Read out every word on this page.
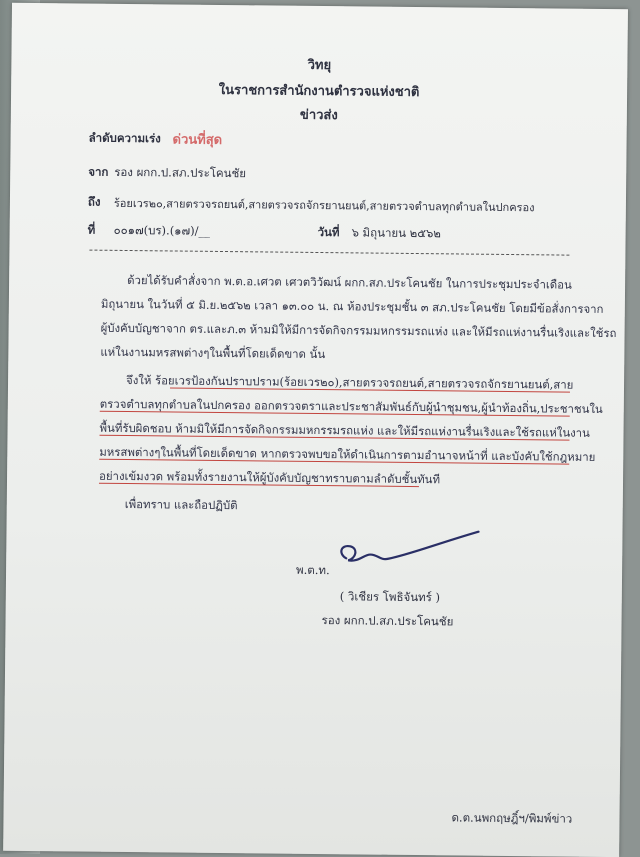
วิทยุ
ในราชการสำนักงานตำรวจแห่งชาติ
ข่าวส่ง
ลำดับความเร่ง ด่วนที่สุด
จาก รอง ผกก.ป.สภ.ประโคนชัย
ถึง ร้อยเวร๒๐,สายตรวจรถยนต์,สายตรวจรถจักรยานยนต์,สายตรวจตำบลทุกตำบลในปกครอง
ที่ ๐๐๑๗(บร).(๑๗)/__	วันที่ ๖ มิถุนายน ๒๕๖๒
ด้วยได้รับคำสั่งจาก พ.ต.อ.เศวต เศวตวิวัฒน์ ผกก.สภ.ประโคนชัย ในการประชุมประจำเดือน
มิถุนายน ในวันที่ ๕ มิ.ย.๒๕๖๒ เวลา ๑๓.๐๐ น. ณ ห้องประชุมชั้น ๓ สภ.ประโคนชัย โดยมีข้อสั่งการจาก
ผู้บังคับบัญชาจาก ตร.และภ.๓ ห้ามมิให้มีการจัดกิจกรรมมหกรรมรถแห่ง และให้มีรถแห่งานรื่นเริงและใช้รถ
แห่ในงานมหรสพต่างๆในพื้นที่โดยเด็ดขาด นั้น
จึงให้ ร้อยเวรป้องกันปราบปราม(ร้อยเวร๒๐),สายตรวจรถยนต์,สายตรวจรถจักรยานยนต์,สาย
ตรวจตำบลทุกตำบลในปกครอง ออกตรวจตราและประชาสัมพันธ์กับผู้นำชุมชน,ผู้นำท้องถิ่น,ประชาชนใน
พื้นที่รับผิดชอบ ห้ามมิให้มีการจัดกิจกรรมมหกรรมรถแห่ง และให้มีรถแห่งานรื่นเริงและใช้รถแห่ในงาน
มหรสพต่างๆในพื้นที่โดยเด็ดขาด หากตรวจพบขอให้ดำเนินการตามอำนาจหน้าที่ และบังคับใช้กฎหมาย
อย่างเข้มงวด พร้อมทั้งรายงานให้ผู้บังคับบัญชาทราบตามลำดับชั้นทันที
เพื่อทราบ และถือปฏิบัติ
พ.ต.ท.
( วิเชียร โพธิจันทร์ )
รอง ผกก.ป.สภ.ประโคนชัย
ด.ต.นพกฤษฎิ์ฯ/พิมพ์ข่าว
